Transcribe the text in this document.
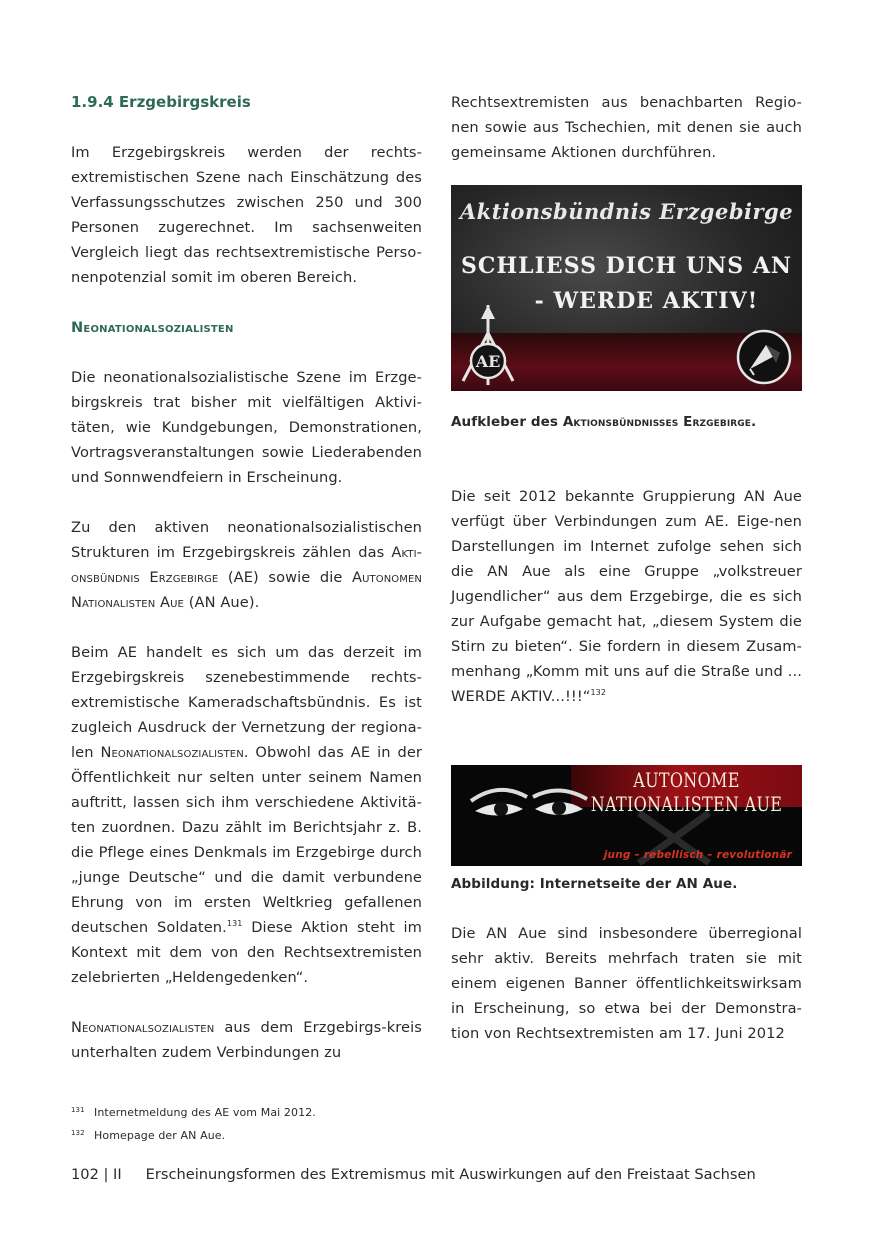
1.9.4 Erzgebirgskreis

Im Erzgebirgskreis werden der rechts-extremistischen Szene nach Einschätzung des Verfassungsschutzes zwischen 250 und 300 Personen zugerechnet. Im sachsenweiten Vergleich liegt das rechtsextremistische Perso-nenpotenzial somit im oberen Bereich.

Neonationalsozialisten

Die neonationalsozialistische Szene im Erzge-birgskreis trat bisher mit vielfältigen Aktivi-täten, wie Kundgebungen, Demonstrationen, Vortragsveranstaltungen sowie Liederabenden und Sonnwendfeiern in Erscheinung.

Zu den aktiven neonationalsozialistischen Strukturen im Erzgebirgskreis zählen das Akti-onsbündnis Erzgebirge (AE) sowie die Autonomen Nationalisten Aue (AN Aue).

Beim AE handelt es sich um das derzeit im Erzgebirgskreis szenebestimmende rechts-extremistische Kameradschaftsbündnis. Es ist zugleich Ausdruck der Vernetzung der regiona-len Neonationalsozialisten. Obwohl das AE in der Öffentlichkeit nur selten unter seinem Namen auftritt, lassen sich ihm verschiedene Aktivitä-ten zuordnen. Dazu zählt im Berichtsjahr z. B. die Pflege eines Denkmals im Erzgebirge durch „junge Deutsche“ und die damit verbundene Ehrung von im ersten Weltkrieg gefallenen deutschen Soldaten.$^{131}$ Diese Aktion steht im Kontext mit dem von den Rechtsextremisten zelebrierten „Heldengedenken“.

Neonationalsozialisten aus dem Erzgebirgs-kreis unterhalten zudem Verbindungen zu

Rechtsextremisten aus benachbarten Regio-nen sowie aus Tschechien, mit denen sie auch gemeinsame Aktionen durchführen.

Aktionsbündnis Erzgebirge
SCHLIESS DICH UNS AN
- WERDE AKTIV!
AE

Aufkleber des Aktionsbündnisses Erzgebirge.

Die seit 2012 bekannte Gruppierung AN Aue verfügt über Verbindungen zum AE. Eige-nen Darstellungen im Internet zufolge sehen sich die AN Aue als eine Gruppe „volkstreuer Jugendlicher“ aus dem Erzgebirge, die es sich zur Aufgabe gemacht hat, „diesem System die Stirn zu bieten“. Sie fordern in diesem Zusam-menhang „Komm mit uns auf die Straße und ... WERDE AKTIV...!!!“$^{132}$

AUTONOME NATIONALISTEN AUE
jung – rebellisch – revolutionär

Abbildung: Internetseite der AN Aue.

Die AN Aue sind insbesondere überregional sehr aktiv. Bereits mehrfach traten sie mit einem eigenen Banner öffentlichkeitswirksam in Erscheinung, so etwa bei der Demonstra-tion von Rechtsextremisten am 17. Juni 2012

131 Internetmeldung des AE vom Mai 2012.

132 Homepage der AN Aue.

102 | II Erscheinungsformen des Extremismus mit Auswirkungen auf den Freistaat Sachsen
